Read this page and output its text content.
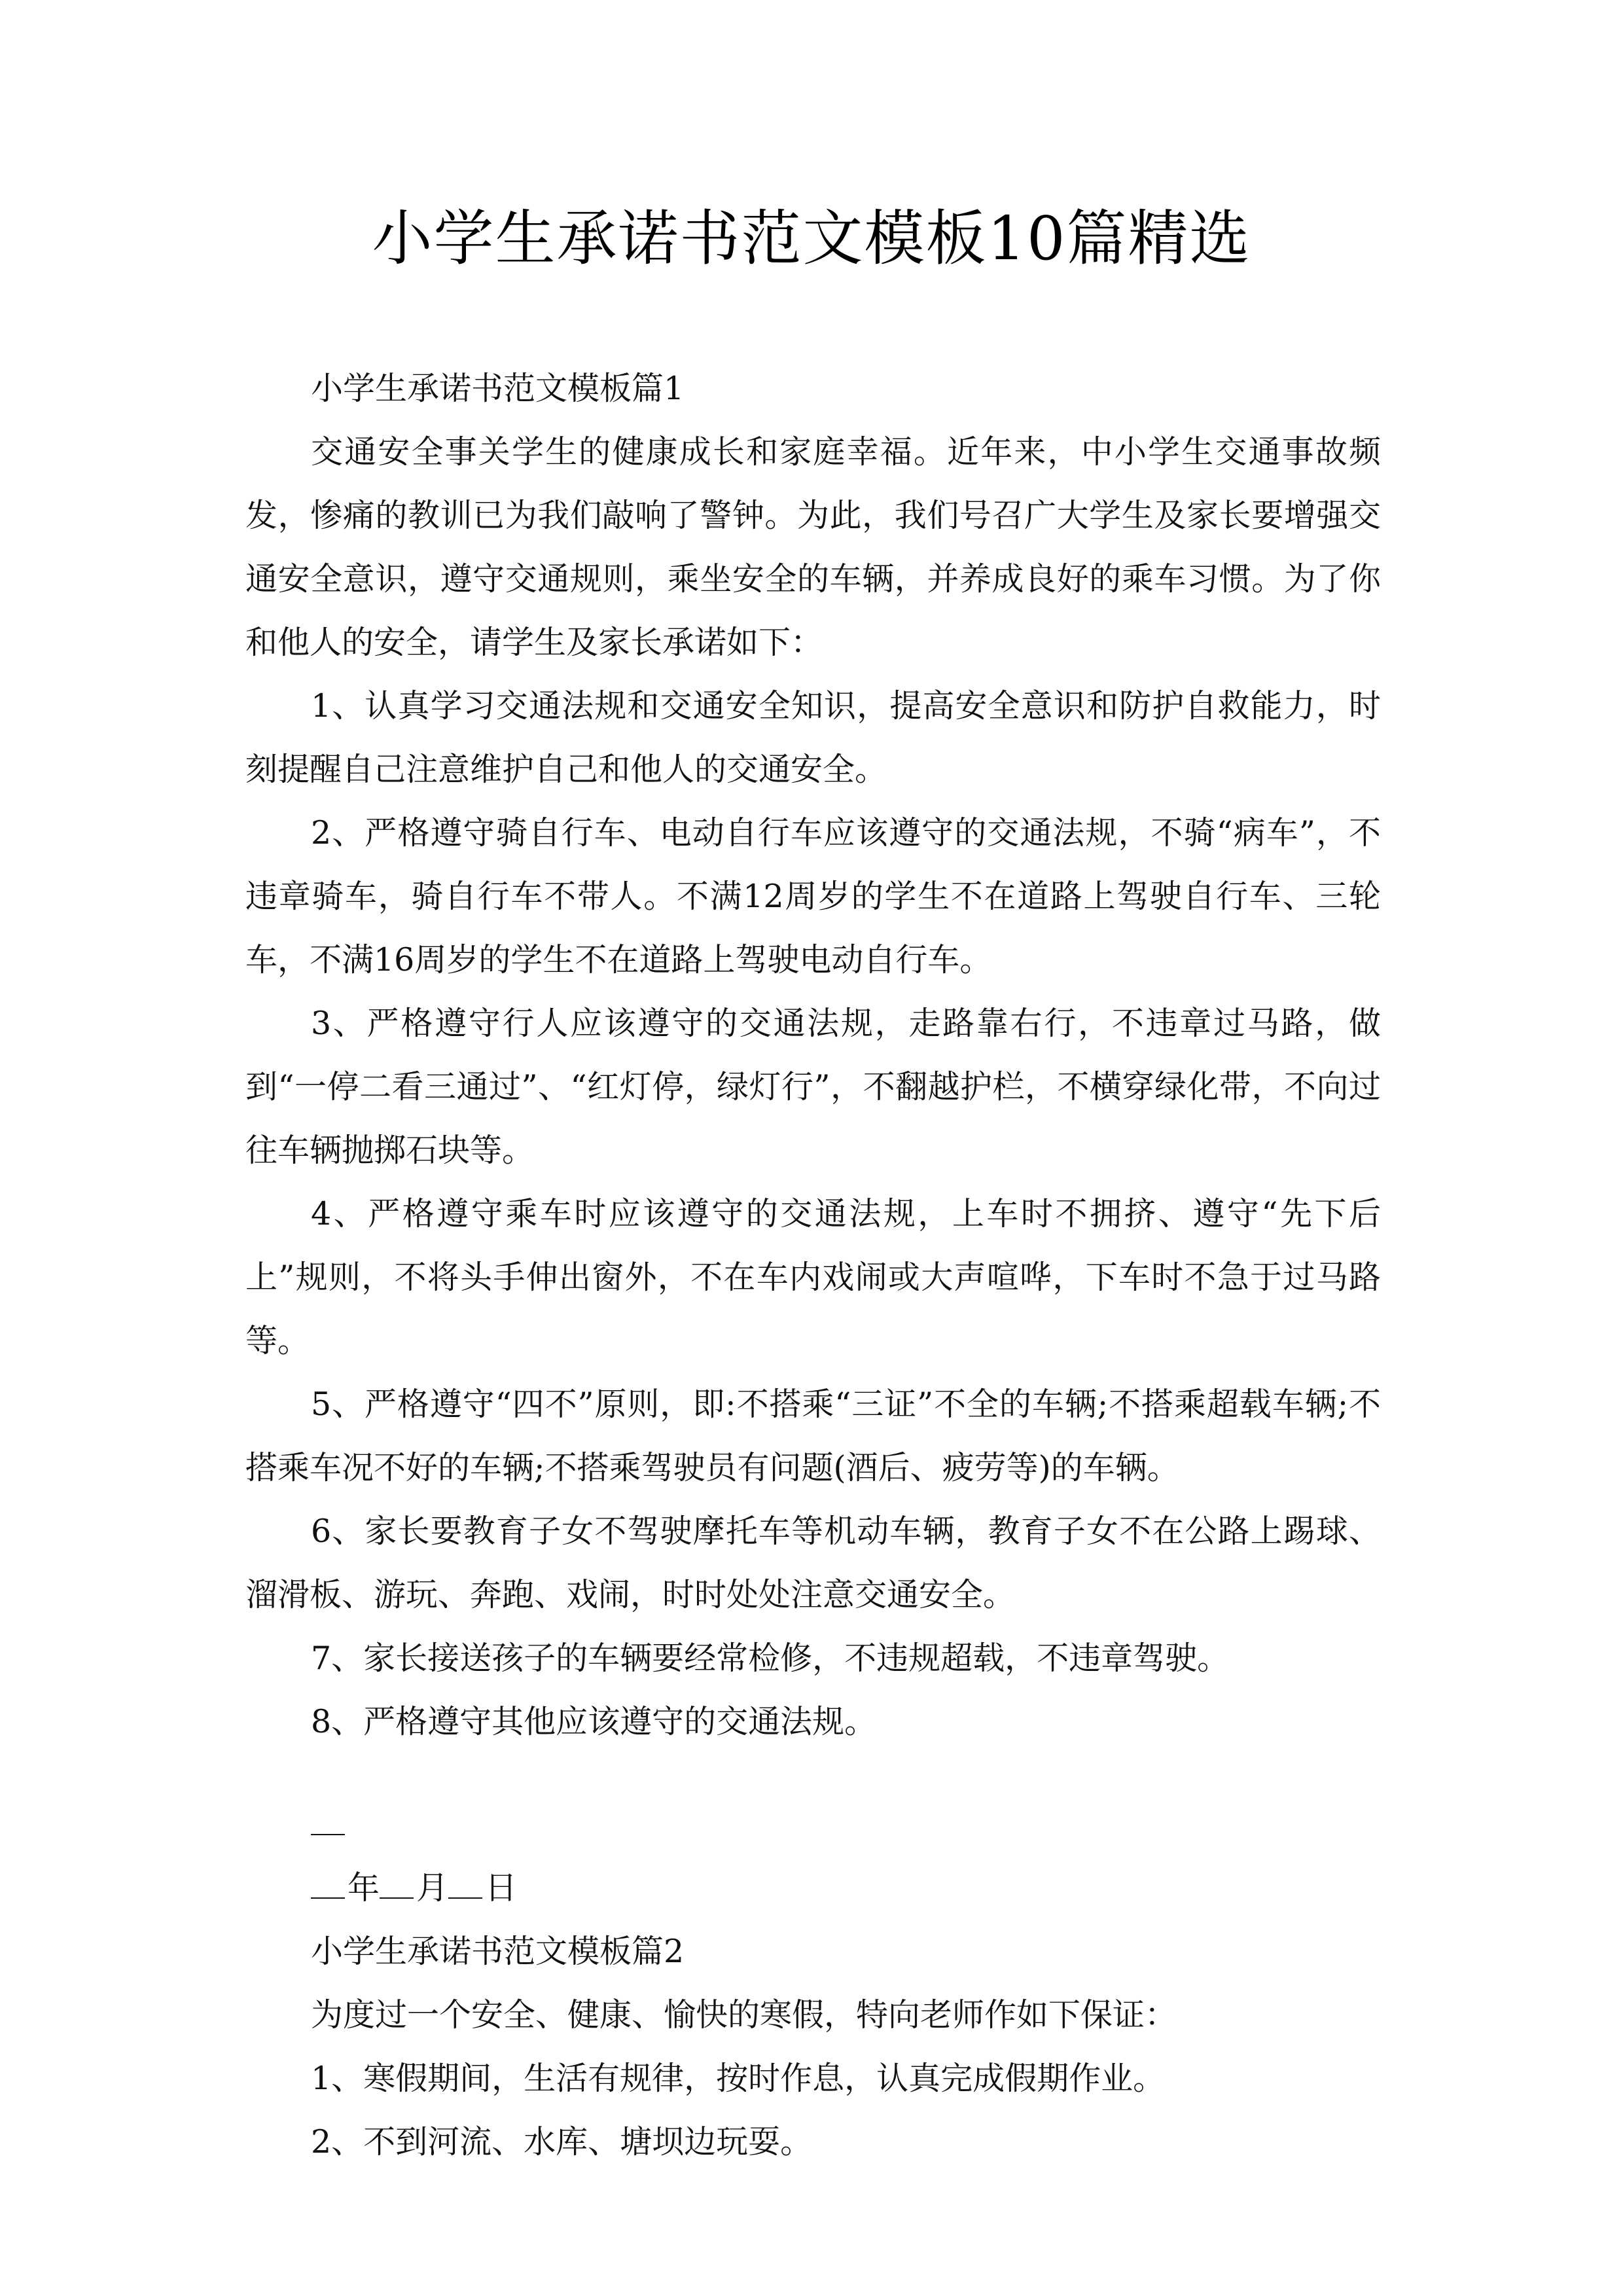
小学生承诺书范文模板10篇精选

小学生承诺书范文模板篇1

交通安全事关学生的健康成长和家庭幸福。近年来，中小学生交通事故频发，惨痛的教训已为我们敲响了警钟。为此，我们号召广大学生及家长要增强交通安全意识，遵守交通规则，乘坐安全的车辆，并养成良好的乘车习惯。为了你和他人的安全，请学生及家长承诺如下：

1、认真学习交通法规和交通安全知识，提高安全意识和防护自救能力，时刻提醒自己注意维护自己和他人的交通安全。

2、严格遵守骑自行车、电动自行车应该遵守的交通法规，不骑“病车”，不违章骑车，骑自行车不带人。不满12周岁的学生不在道路上驾驶自行车、三轮车，不满16周岁的学生不在道路上驾驶电动自行车。

3、严格遵守行人应该遵守的交通法规，走路靠右行，不违章过马路，做到“一停二看三通过”、“红灯停，绿灯行”，不翻越护栏，不横穿绿化带，不向过往车辆抛掷石块等。

4、严格遵守乘车时应该遵守的交通法规，上车时不拥挤、遵守“先下后上”规则，不将头手伸出窗外，不在车内戏闹或大声喧哗，下车时不急于过马路等。

5、严格遵守“四不”原则，即:不搭乘“三证”不全的车辆;不搭乘超载车辆;不搭乘车况不好的车辆;不搭乘驾驶员有问题(酒后、疲劳等)的车辆。

6、家长要教育子女不驾驶摩托车等机动车辆，教育子女不在公路上踢球、溜滑板、游玩、奔跑、戏闹，时时处处注意交通安全。

7、家长接送孩子的车辆要经常检修，不违规超载，不违章驾驶。

8、严格遵守其他应该遵守的交通法规。

年 月 日

小学生承诺书范文模板篇2

为度过一个安全、健康、愉快的寒假，特向老师作如下保证：

1、寒假期间，生活有规律，按时作息，认真完成假期作业。

2、不到河流、水库、塘坝边玩耍。
